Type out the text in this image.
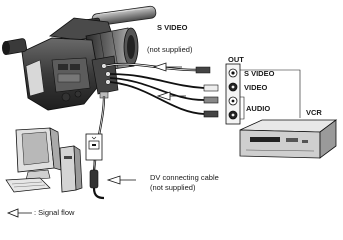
S VIDEO
(not supplied)
OUT
S VIDEO
VIDEO
AUDIO	VCR
DV connecting cable
(not supplied)
: Signal flow
